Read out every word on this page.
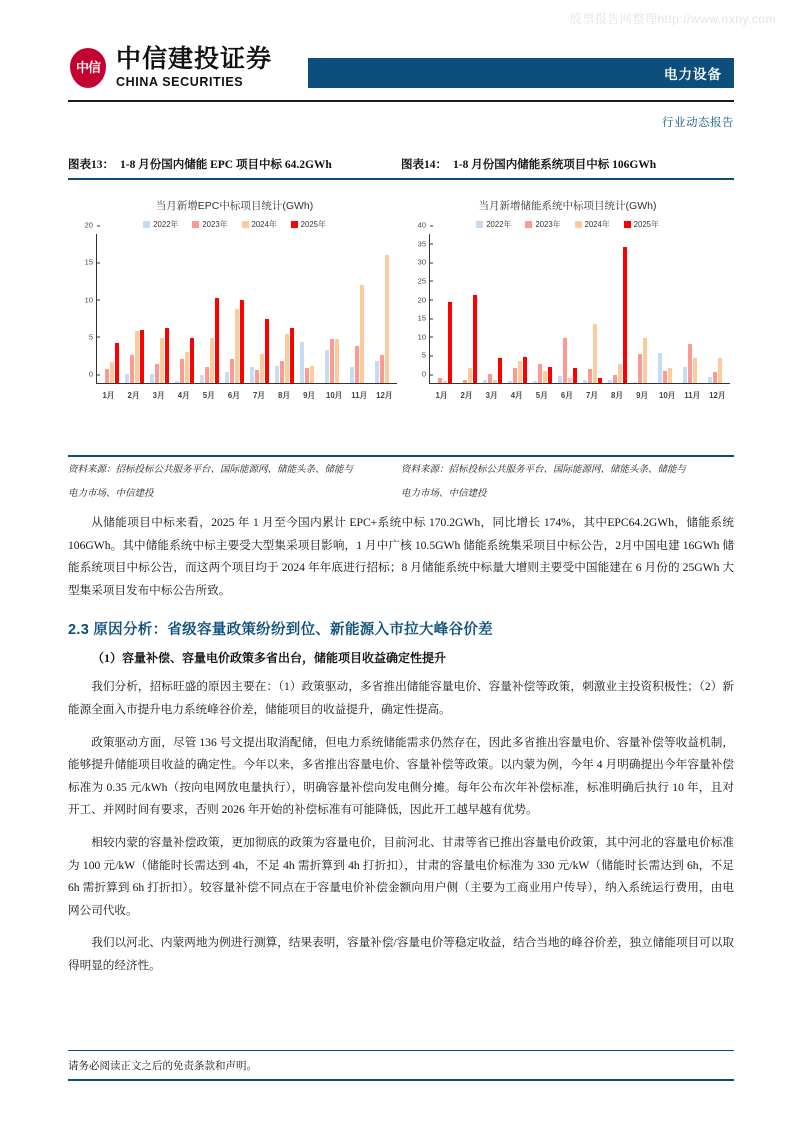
股票报告网整理http://www.nxny.com
中信 中信建投证券
CHINA SECURITIES	电力设备
行业动态报告
图表13： 1-8 月份国内储能 EPC 项目中标 64.2GWh	图表14： 1-8 月份国内储能系统项目中标 106GWh
当月新增EPC中标项目统计(GWh)
2022年	2023年	2024年	2025年
0
5
10
15
20
1月	2月	3月	4月	5月	6月	7月	8月	9月	10月	11月	12月
当月新增储能系统中标项目统计(GWh)
2022年	2023年	2024年	2025年
0
5
10
15
20
25
30
35
40
1月	2月	3月	4月	5月	6月	7月	8月	9月	10月	11月	12月

资料来源：招标投标公共服务平台、国际能源网、储能头条、储能与

电力市场、中信建投

资料来源：招标投标公共服务平台、国际能源网、储能头条、储能与

电力市场、中信建投

从储能项目中标来看，2025 年 1 月至今国内累计 EPC+系统中标 170.2GWh，同比增长 174%，其中EPC64.2GWh，储能系统 106GWh。其中储能系统中标主要受大型集采项目影响，1 月中广核 10.5GWh 储能系统集采项目中标公告，2月中国电建 16GWh 储能系统项目中标公告，而这两个项目均于 2024 年年底进行招标；8 月储能系统中标量大增则主要受中国能建在 6 月份的 25GWh 大型集采项目发布中标公告所致。

2.3 原因分析：省级容量政策纷纷到位、新能源入市拉大峰谷价差
（1）容量补偿、容量电价政策多省出台，储能项目收益确定性提升

我们分析，招标旺盛的原因主要在：（1）政策驱动，多省推出储能容量电价、容量补偿等政策，刺激业主投资积极性；（2）新能源全面入市提升电力系统峰谷价差，储能项目的收益提升，确定性提高。

政策驱动方面，尽管 136 号文提出取消配储，但电力系统储能需求仍然存在，因此多省推出容量电价、容量补偿等收益机制，能够提升储能项目收益的确定性。今年以来，多省推出容量电价、容量补偿等政策。以内蒙为例，今年 4 月明确提出今年容量补偿标准为 0.35 元/kWh（按向电网放电量执行），明确容量补偿向发电侧分摊。每年公布次年补偿标准，标准明确后执行 10 年，且对开工、并网时间有要求，否则 2026 年开始的补偿标准有可能降低，因此开工越早越有优势。

相较内蒙的容量补偿政策，更加彻底的政策为容量电价，目前河北、甘肃等省已推出容量电价政策，其中河北的容量电价标准为 100 元/kW（储能时长需达到 4h，不足 4h 需折算到 4h 打折扣），甘肃的容量电价标准为 330 元/kW（储能时长需达到 6h，不足 6h 需折算到 6h 打折扣）。较容量补偿不同点在于容量电价补偿金额向用户侧（主要为工商业用户传导），纳入系统运行费用，由电网公司代收。

我们以河北、内蒙两地为例进行测算，结果表明，容量补偿/容量电价等稳定收益，结合当地的峰谷价差，独立储能项目可以取得明显的经济性。

请务必阅读正文之后的免责条款和声明。
